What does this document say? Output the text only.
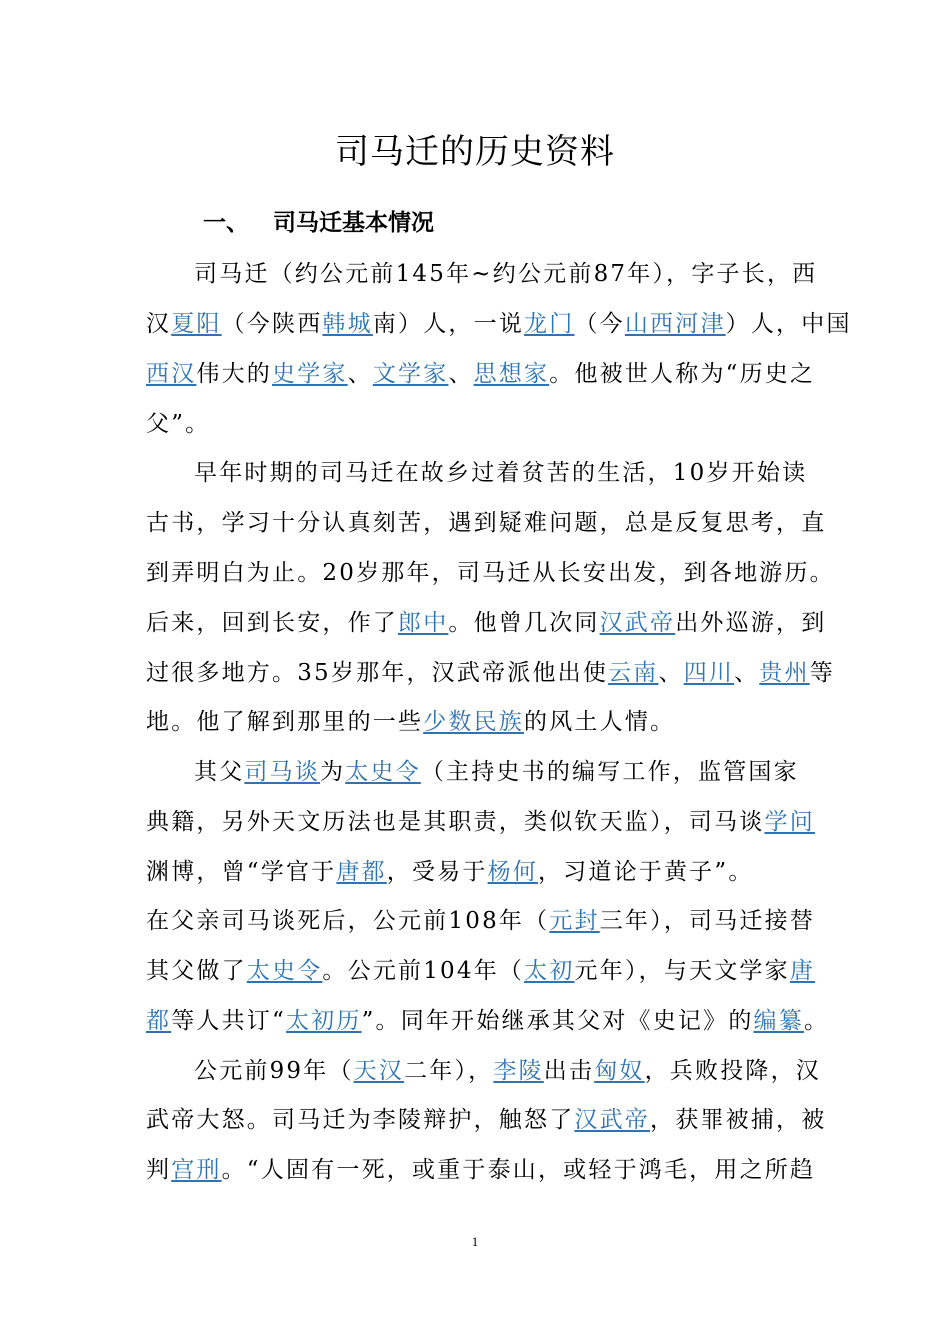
司马迁的历史资料
一、 司马迁基本情况
司马迁（约公元前145年~约公元前87年），字子长，西
汉夏阳（今陕西韩城南）人，一说龙门（今山西河津）人，中国
西汉伟大的史学家、文学家、思想家。他被世人称为“历史之
父”。
早年时期的司马迁在故乡过着贫苦的生活，10岁开始读
古书，学习十分认真刻苦，遇到疑难问题，总是反复思考，直
到弄明白为止。20岁那年，司马迁从长安出发，到各地游历。
后来，回到长安，作了郎中。他曾几次同汉武帝出外巡游，到
过很多地方。35岁那年，汉武帝派他出使云南、四川、贵州等
地。他了解到那里的一些少数民族的风土人情。
其父司马谈为太史令（主持史书的编写工作，监管国家
典籍，另外天文历法也是其职责，类似钦天监），司马谈学问
渊博，曾“学官于唐都，受易于杨何，习道论于黄子”。
在父亲司马谈死后，公元前108年（元封三年），司马迁接替
其父做了太史令。公元前104年（太初元年），与天文学家唐
都等人共订“太初历”。同年开始继承其父对《史记》的编纂。
公元前99年（天汉二年），李陵出击匈奴，兵败投降，汉
武帝大怒。司马迁为李陵辩护，触怒了汉武帝，获罪被捕，被
判宫刑。“人固有一死，或重于泰山，或轻于鸿毛，用之所趋
1
